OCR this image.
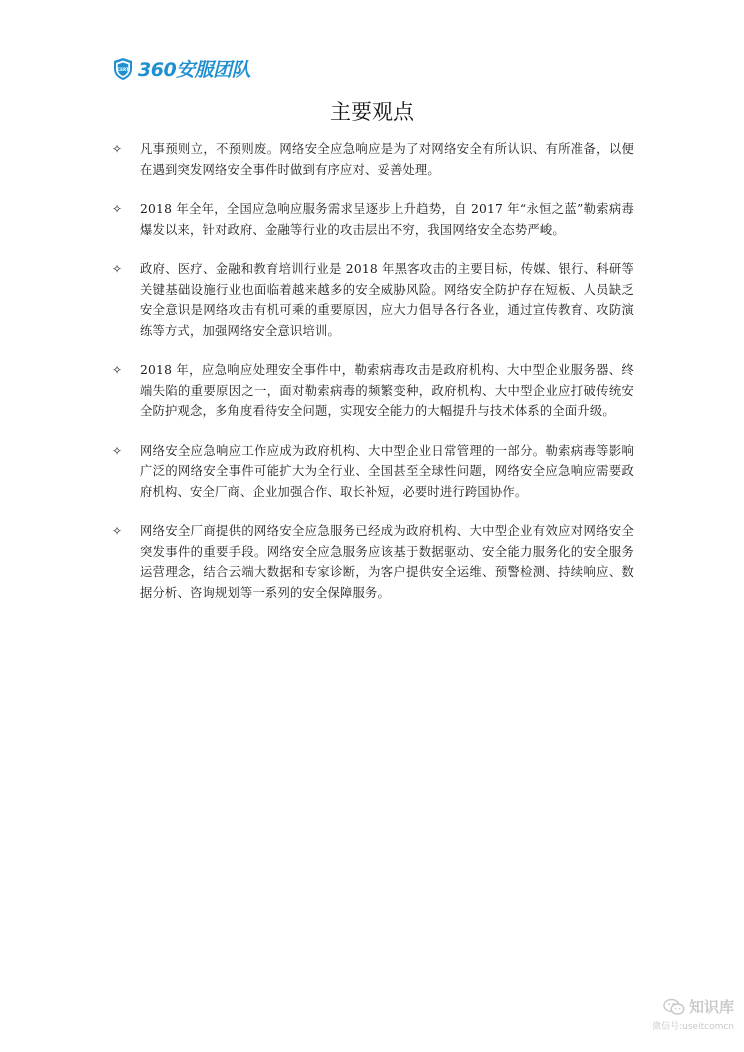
CERT 360安服团队
主要观点
✧	凡事预则立，不预则废。网络安全应急响应是为了对网络安全有所认识、有所准备，以便在遇到突发网络安全事件时做到有序应对、妥善处理。
✧	2018 年全年，全国应急响应服务需求呈逐步上升趋势，自 2017 年“永恒之蓝”勒索病毒爆发以来，针对政府、金融等行业的攻击层出不穷，我国网络安全态势严峻。
✧	政府、医疗、金融和教育培训行业是 2018 年黑客攻击的主要目标，传媒、银行、科研等关键基础设施行业也面临着越来越多的安全威胁风险。网络安全防护存在短板、人员缺乏安全意识是网络攻击有机可乘的重要原因，应大力倡导各行各业，通过宣传教育、攻防演练等方式，加强网络安全意识培训。
✧	2018 年，应急响应处理安全事件中，勒索病毒攻击是政府机构、大中型企业服务器、终端失陷的重要原因之一，面对勒索病毒的频繁变种，政府机构、大中型企业应打破传统安全防护观念，多角度看待安全问题，实现安全能力的大幅提升与技术体系的全面升级。
✧	网络安全应急响应工作应成为政府机构、大中型企业日常管理的一部分。勒索病毒等影响广泛的网络安全事件可能扩大为全行业、全国甚至全球性问题，网络安全应急响应需要政府机构、安全厂商、企业加强合作、取长补短，必要时进行跨国协作。
✧	网络安全厂商提供的网络安全应急服务已经成为政府机构、大中型企业有效应对网络安全突发事件的重要手段。网络安全应急服务应该基于数据驱动、安全能力服务化的安全服务运营理念，结合云端大数据和专家诊断，为客户提供安全运维、预警检测、持续响应、数据分析、咨询规划等一系列的安全保障服务。
知识库
微信号:useitcomcn
